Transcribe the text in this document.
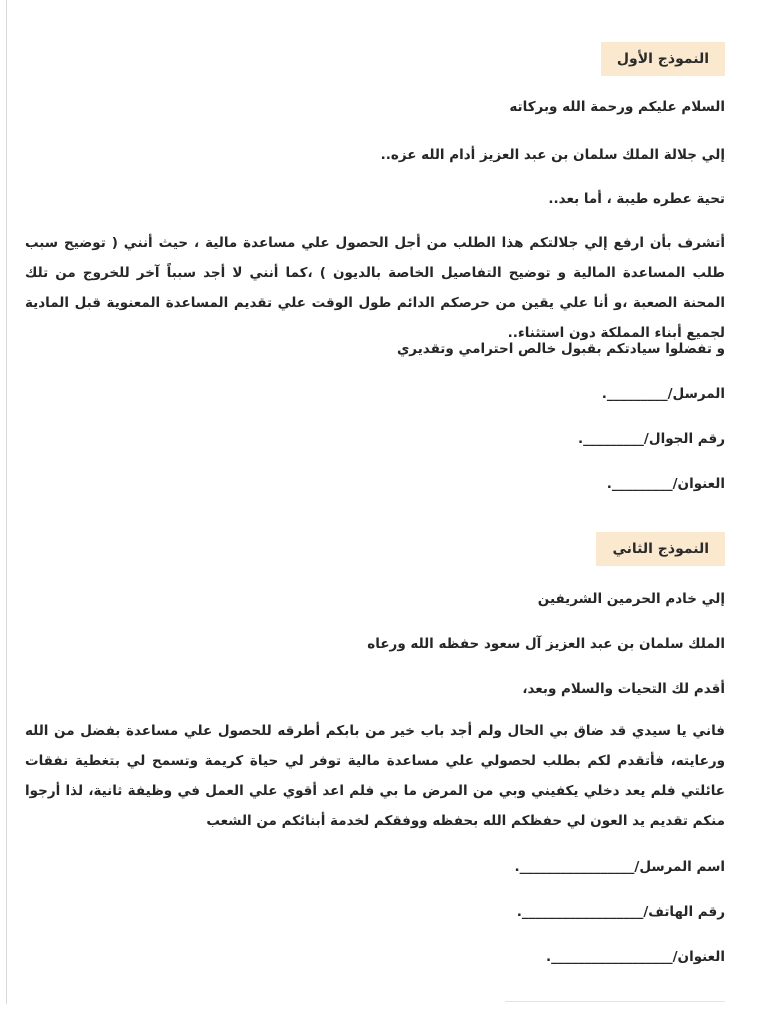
النموذج الأول
السلام عليكم ورحمة الله وبركاته
إلي جلالة الملك سلمان بن عبد العزيز أدام الله عزه..
تحية عطره طيبة ، أما بعد..
أتشرف بأن ارفع إلي جلالتكم هذا الطلب من أجل الحصول علي مساعدة مالية ، حيث أنني ( توضيح سبب طلب المساعدة المالية و توضيح التفاصيل الخاصة بالديون ) ،كما أنني لا أجد سبباً آخر للخروج من تلك المحنة الصعبة ،و أنا علي يقين من حرصكم الدائم طول الوقت علي تقديم المساعدة المعنوية قبل المادية لجميع أبناء المملكة دون استثناء..
و تفضلوا سيادتكم بقبول خالص احترامي وتقديري
المرسل/_________.
رقم الجوال/_________.
العنوان/_________.
النموذج الثاني
إلي خادم الحرمين الشريفين
الملك سلمان بن عبد العزيز آل سعود حفظه الله ورعاه
أقدم لك التحيات والسلام وبعد،
فاني يا سيدي قد ضاق بي الحال ولم أجد باب خير من بابكم أطرقه للحصول علي مساعدة بفضل من الله ورعايته، فأتقدم لكم بطلب لحصولي علي مساعدة مالية توفر لي حياة كريمة وتسمح لي بتغطية نفقات عائلتي فلم يعد دخلي يكفيني وبي من المرض ما بي فلم اعد أقوي علي العمل في وظيفة ثانية، لذا أرجوا منكم تقديم يد العون لي حفظكم الله بحفظه ووفقكم لخدمة أبنائكم من الشعب
اسم المرسل/_________________.
رقم الهاتف/__________________.
العنوان/__________________.
